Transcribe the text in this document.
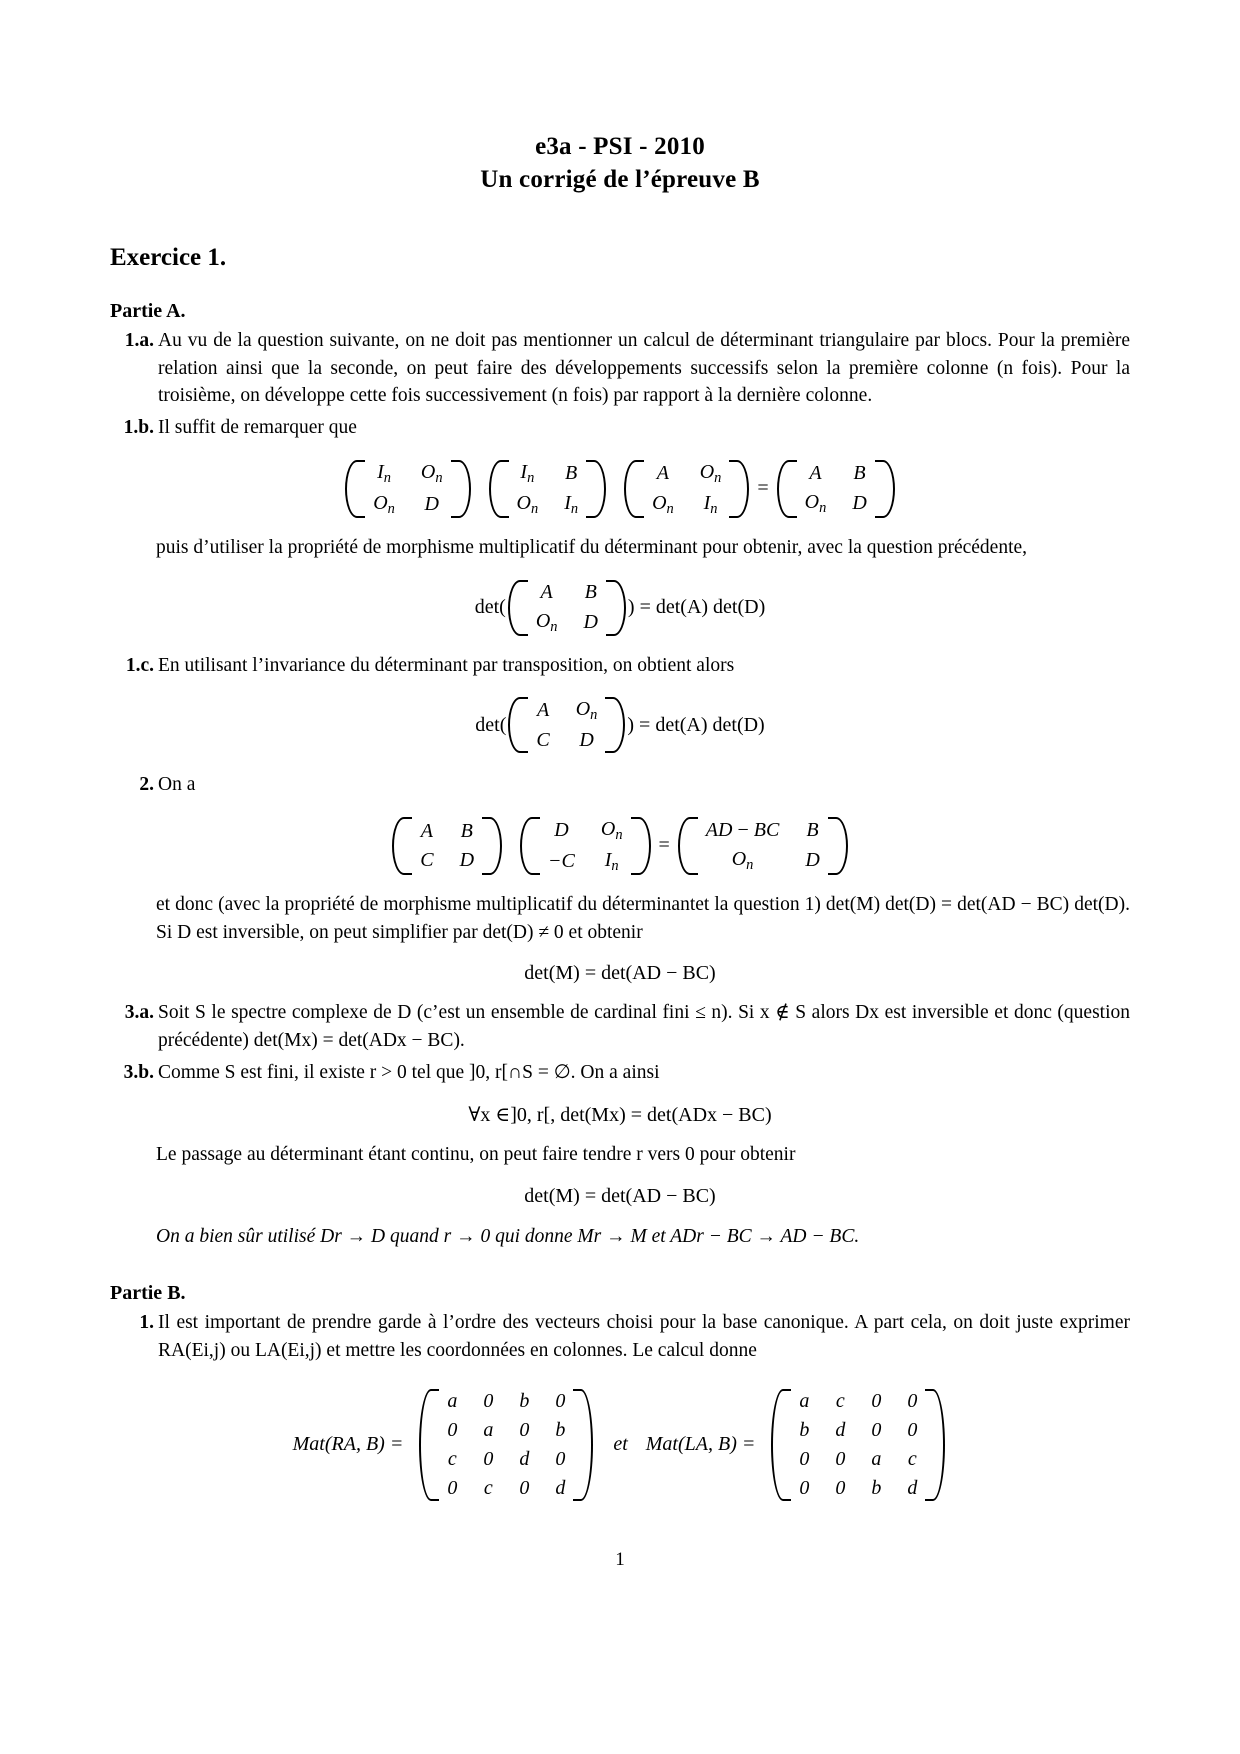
e3a - PSI - 2010
Un corrigé de l’épreuve B
Exercice 1.
Partie A.
1.a. Au vu de la question suivante, on ne doit pas mentionner un calcul de déterminant triangulaire par blocs. Pour la première relation ainsi que la seconde, on peut faire des développements successifs selon la première colonne (n fois). Pour la troisième, on développe cette fois successivement (n fois) par rapport à la dernière colonne.
1.b. Il suffit de remarquer que
$I_n$	$O_n$
$O_n$	D
$I_n$	B
$O_n$	$I_n$
A	$O_n$
$O_n$	$I_n$
=
A	B
$O_n$	D
puis d’utiliser la propriété de morphisme multiplicatif du déterminant pour obtenir, avec la question précédente,
det(
A	B
$O_n$	D
) = det(A) det(D)
1.c. En utilisant l’invariance du déterminant par transposition, on obtient alors
det(
A	$O_n$
C	D
) = det(A) det(D)
2. On a
A	B
C	D
D	$O_n$
−C	$I_n$
=
AD − BC	B
$O_n$	D
et donc (avec la propriété de morphisme multiplicatif du déterminantet la question 1) det(M) det(D) = det(AD − BC) det(D). Si D est inversible, on peut simplifier par det(D) ≠ 0 et obtenir
det(M) = det(AD − BC)
3.a. Soit S le spectre complexe de D (c’est un ensemble de cardinal fini ≤ n). Si x ∉ S alors Dx est inversible et donc (question précédente) det(Mx) = det(ADx − BC).
3.b. Comme S est fini, il existe r > 0 tel que ]0, r[∩S = ∅. On a ainsi
∀x ∈]0, r[, det(Mx) = det(ADx − BC)
Le passage au déterminant étant continu, on peut faire tendre r vers 0 pour obtenir
det(M) = det(AD − BC)
On a bien sûr utilisé Dr → D quand r → 0 qui donne Mr → M et ADr − BC → AD − BC.
Partie B.
1. Il est important de prendre garde à l’ordre des vecteurs choisi pour la base canonique. A part cela, on doit juste exprimer RA(Ei,j) ou LA(Ei,j) et mettre les coordonnées en colonnes. Le calcul donne
Mat(RA, B) =
a	0	b	0
0	a	0	b
c	0	d	0
0	c	0	d
et Mat(LA, B) =
a	c	0	0
b	d	0	0
0	0	a	c
0	0	b	d
1
